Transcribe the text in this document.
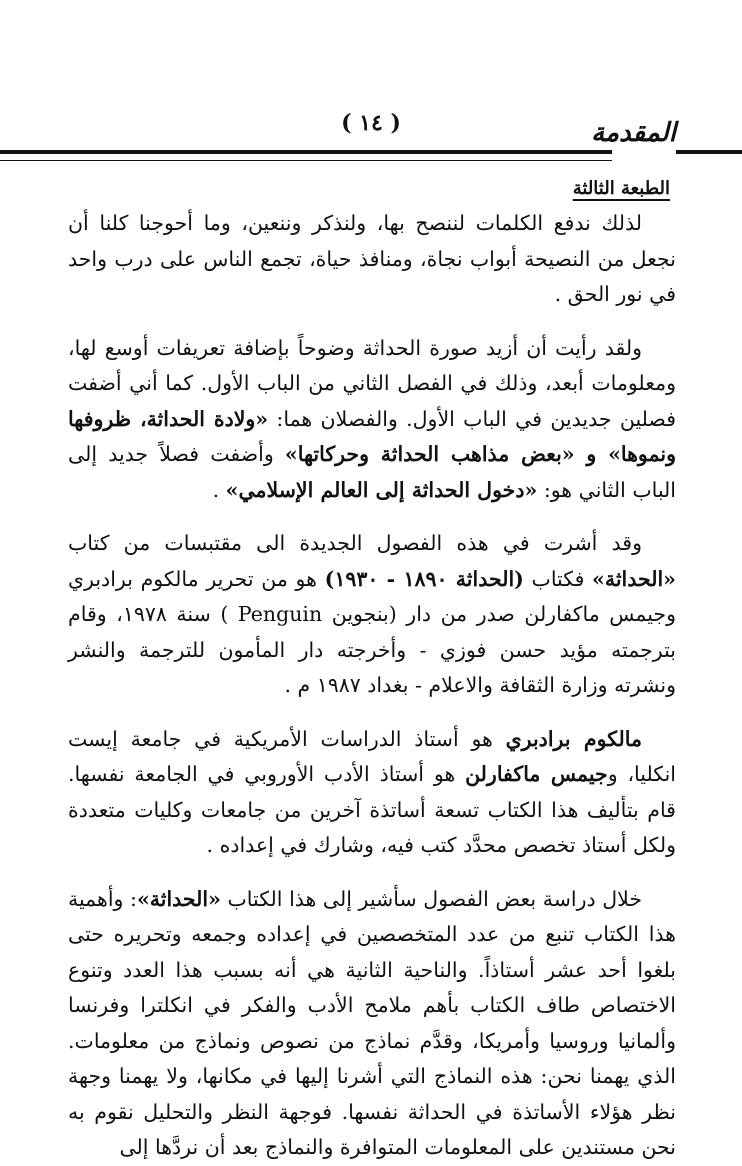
( ١٤ )	المقدمة
الطبعة الثالثة

لذلك ندفع الكلمات لننصح بها، ولنذكر وننعين، وما أحوجنا كلنا أن نجعل من النصيحة أبواب نجاة، ومنافذ حياة، تجمع الناس على درب واحد في نور الحق .

ولقد رأيت أن أزيد صورة الحداثة وضوحاً بإضافة تعريفات أوسع لها، ومعلومات أبعد، وذلك في الفصل الثاني من الباب الأول. كما أني أضفت فصلين جديدين في الباب الأول. والفصلان هما: «ولادة الحداثة، ظروفها ونموها» و «بعض مذاهب الحداثة وحركاتها» وأضفت فصلاً جديد إلى الباب الثاني هو: «دخول الحداثة إلى العالم الإسلامي» .

وقد أشرت في هذه الفصول الجديدة الى مقتبسات من كتاب «الحداثة» فكتاب (الحداثة ١٨٩٠ - ١٩٣٠) هو من تحرير مالكوم برادبري وجيمس ماكفارلن صدر من دار (بنجوين Penguin ) سنة ١٩٧٨، وقام بترجمته مؤيد حسن فوزي - وأخرجته دار المأمون للترجمة والنشر ونشرته وزارة الثقافة والاعلام - بغداد ١٩٨٧ م .

مالكوم برادبري هو أستاذ الدراسات الأمريكية في جامعة إيست انكليا، وجيمس ماكفارلن هو أستاذ الأدب الأوروبي في الجامعة نفسها. قام بتأليف هذا الكتاب تسعة أساتذة آخرين من جامعات وكليات متعددة ولكل أستاذ تخصص محدَّد كتب فيه، وشارك في إعداده .

خلال دراسة بعض الفصول سأشير إلى هذا الكتاب «الحداثة»: وأهمية هذا الكتاب تنبع من عدد المتخصصين في إعداده وجمعه وتحريره حتى بلغوا أحد عشر أستاذاً. والناحية الثانية هي أنه بسبب هذا العدد وتنوع الاختصاص طاف الكتاب بأهم ملامح الأدب والفكر في انكلترا وفرنسا وألمانيا وروسيا وأمريكا، وقدَّم نماذج من نصوص ونماذج من معلومات. الذي يهمنا نحن: هذه النماذج التي أشرنا إليها في مكانها، ولا يهمنا وجهة نظر هؤلاء الأساتذة في الحداثة نفسها. فوجهة النظر والتحليل نقوم به نحن مستندين على المعلومات المتوافرة والنماذج بعد أن نردَّها إلى
